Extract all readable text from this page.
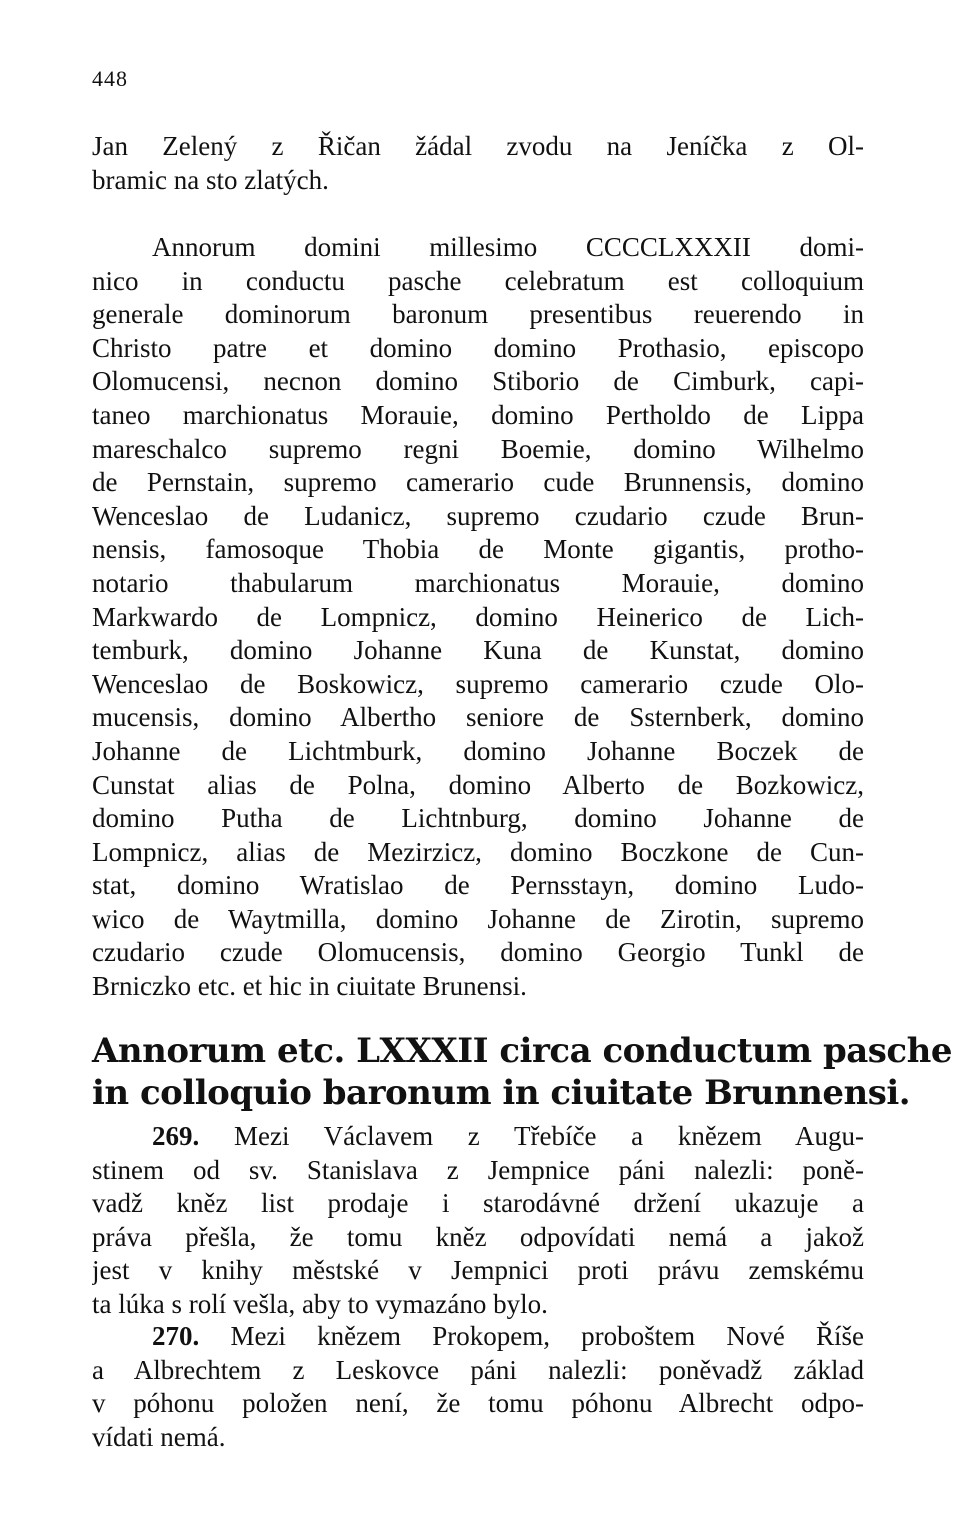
448
Jan Zelený z Řičan žádal zvodu na Jeníčka z Ol-
bramic na sto zlatých.
Annorum domini millesimo CCCCLXXXII domi-
nico in conductu pasche celebratum est colloquium
generale dominorum baronum presentibus reuerendo in
Christo patre et domino domino Prothasio, episcopo
Olomucensi, necnon domino Stiborio de Cimburk, capi-
taneo marchionatus Morauie, domino Pertholdo de Lippa
mareschalco supremo regni Boemie, domino Wilhelmo
de Pernstain, supremo camerario cude Brunnensis, domino
Wenceslao de Ludanicz, supremo czudario czude Brun-
nensis, famosoque Thobia de Monte gigantis, protho-
notario thabularum marchionatus Morauie, domino
Markwardo de Lompnicz, domino Heinerico de Lich-
temburk, domino Johanne Kuna de Kunstat, domino
Wenceslao de Boskowicz, supremo camerario czude Olo-
mucensis, domino Albertho seniore de Ssternberk, domino
Johanne de Lichtmburk, domino Johanne Boczek de
Cunstat alias de Polna, domino Alberto de Bozkowicz,
domino Putha de Lichtnburg, domino Johanne de
Lompnicz, alias de Mezirzicz, domino Boczkone de Cun-
stat, domino Wratislao de Pernsstayn, domino Ludo-
wico de Waytmilla, domino Johanne de Zirotin, supremo
czudario czude Olomucensis, domino Georgio Tunkl de
Brniczko etc. et hic in ciuitate Brunensi.
Annorum etc. LXXXII circa conductum pasche
in colloquio baronum in ciuitate Brunnensi.
269. Mezi Václavem z Třebíče a knězem Augu-
stinem od sv. Stanislava z Jempnice páni nalezli: poně-
vadž kněz list prodaje i starodávné držení ukazuje a
práva přešla, že tomu kněz odpovídati nemá a jakož
jest v knihy městské v Jempnici proti právu zemskému
ta lúka s rolí vešla, aby to vymazáno bylo.
270. Mezi knězem Prokopem, proboštem Nové Říše
a Albrechtem z Leskovce páni nalezli: poněvadž základ
v póhonu položen není, že tomu póhonu Albrecht odpo-
vídati nemá.
